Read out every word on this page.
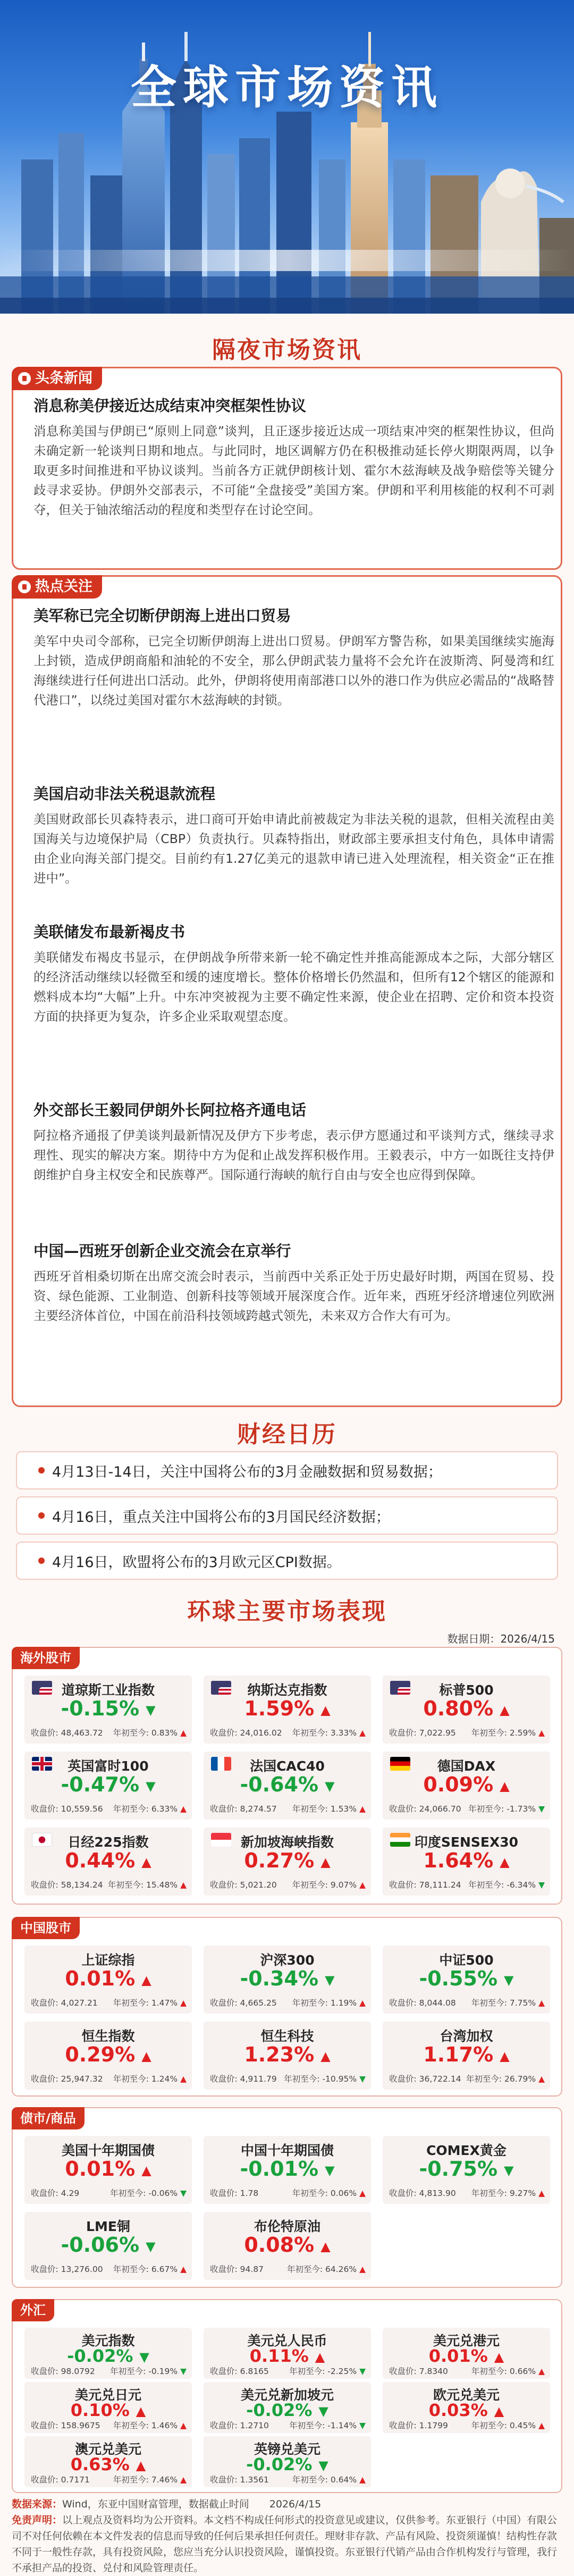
全球市场资讯
隔夜市场资讯
头条新闻
消息称美伊接近达成结束冲突框架性协议

消息称美国与伊朗已“原则上同意”谈判，且正逐步接近达成一项结束冲突的框架性协议，但尚未确定新一轮谈判日期和地点。与此同时，地区调解方仍在积极推动延长停火期限两周，以争取更多时间推进和平协议谈判。当前各方正就伊朗核计划、霍尔木兹海峡及战争赔偿等关键分歧寻求妥协。伊朗外交部表示，不可能“全盘接受”美国方案。伊朗和平利用核能的权利不可剥夺，但关于铀浓缩活动的程度和类型存在讨论空间。

热点关注
美军称已完全切断伊朗海上进出口贸易

美军中央司令部称，已完全切断伊朗海上进出口贸易。伊朗军方警告称，如果美国继续实施海上封锁，造成伊朗商船和油轮的不安全，那么伊朗武装力量将不会允许在波斯湾、阿曼湾和红海继续进行任何进出口活动。此外，伊朗将使用南部港口以外的港口作为供应必需品的“战略替代港口”，以绕过美国对霍尔木兹海峡的封锁。

美国启动非法关税退款流程

美国财政部长贝森特表示，进口商可开始申请此前被裁定为非法关税的退款，但相关流程由美国海关与边境保护局（CBP）负责执行。贝森特指出，财政部主要承担支付角色，具体申请需由企业向海关部门提交。目前约有1.27亿美元的退款申请已进入处理流程，相关资金“正在推进中”。

美联储发布最新褐皮书

美联储发布褐皮书显示，在伊朗战争所带来新一轮不确定性并推高能源成本之际，大部分辖区的经济活动继续以轻微至和缓的速度增长。整体价格增长仍然温和，但所有12个辖区的能源和燃料成本均“大幅”上升。中东冲突被视为主要不确定性来源，使企业在招聘、定价和资本投资方面的抉择更为复杂，许多企业采取观望态度。

外交部长王毅同伊朗外长阿拉格齐通电话

阿拉格齐通报了伊美谈判最新情况及伊方下步考虑，表示伊方愿通过和平谈判方式，继续寻求理性、现实的解决方案。期待中方为促和止战发挥积极作用。王毅表示，中方一如既往支持伊朗维护自身主权安全和民族尊严。国际通行海峡的航行自由与安全也应得到保障。

中国—西班牙创新企业交流会在京举行

西班牙首相桑切斯在出席交流会时表示，当前西中关系正处于历史最好时期，两国在贸易、投资、绿色能源、工业制造、创新科技等领域开展深度合作。近年来，西班牙经济增速位列欧洲主要经济体首位，中国在前沿科技领域跨越式领先，未来双方合作大有可为。

财经日历
4月13日-14日，关注中国将公布的3月金融数据和贸易数据；
4月16日，重点关注中国将公布的3月国民经济数据；
4月16日，欧盟将公布的3月欧元区CPI数据。
环球主要市场表现
数据日期：2026/4/15
海外股市
道琼斯工业指数
-0.15% ▼
收盘价: 48,463.72 年初至今: 0.83% ▲
纳斯达克指数
1.59% ▲
收盘价: 24,016.02 年初至今: 3.33% ▲
标普500
0.80% ▲
收盘价: 7,022.95 年初至今: 2.59% ▲
英国富时100
-0.47% ▼
收盘价: 10,559.56 年初至今: 6.33% ▲
法国CAC40
-0.64% ▼
收盘价: 8,274.57 年初至今: 1.53% ▲
德国DAX
0.09% ▲
收盘价: 24,066.70 年初至今: -1.73% ▼
日经225指数
0.44% ▲
收盘价: 58,134.24 年初至今: 15.48% ▲
新加坡海峡指数
0.27% ▲
收盘价: 5,021.20 年初至今: 9.07% ▲
印度SENSEX30
1.64% ▲
收盘价: 78,111.24 年初至今: -6.34% ▼
中国股市
上证综指
0.01% ▲
收盘价: 4,027.21 年初至今: 1.47% ▲
沪深300
-0.34% ▼
收盘价: 4,665.25 年初至今: 1.19% ▲
中证500
-0.55% ▼
收盘价: 8,044.08 年初至今: 7.75% ▲
恒生指数
0.29% ▲
收盘价: 25,947.32 年初至今: 1.24% ▲
恒生科技
1.23% ▲
收盘价: 4,911.79 年初至今: -10.95% ▼
台湾加权
1.17% ▲
收盘价: 36,722.14 年初至今: 26.79% ▲
债市/商品
美国十年期国债
0.01% ▲
收盘价: 4.29	年初至今: -0.06% ▼
中国十年期国债
-0.01% ▼
收盘价: 1.78	年初至今: 0.06% ▲
COMEX黄金
-0.75% ▼
收盘价: 4,813.90 年初至今: 9.27% ▲
LME铜
-0.06% ▼
收盘价: 13,276.00 年初至今: 6.67% ▲
布伦特原油
0.08% ▲
收盘价: 94.87	年初至今: 64.26% ▲
外汇
美元指数
-0.02% ▼
收盘价: 98.0792 年初至今: -0.19% ▼
美元兑人民币
0.11% ▲
收盘价: 6.8165 年初至今: -2.25% ▼
美元兑港元
0.01% ▲
收盘价: 7.8340	年初至今: 0.66% ▲
美元兑日元
0.10% ▲
收盘价: 158.9675 年初至今: 1.46% ▲
美元兑新加坡元
-0.02% ▼
收盘价: 1.2710 年初至今: -1.14% ▼
欧元兑美元
0.03% ▲
收盘价: 1.1799	年初至今: 0.45% ▲
澳元兑美元
0.63% ▲
收盘价: 0.7171	年初至今: 7.46% ▲
英镑兑美元
-0.02% ▼
收盘价: 1.3561	年初至今: 0.64% ▲
数据来源：Wind，东亚中国财富管理，数据截止时间　　2026/4/15
免责声明：以上观点及资料均为公开资料。本文档不构成任何形式的投资意见或建议，仅供参考。东亚银行（中国）有限公司不对任何依赖在本文件发表的信息而导致的任何后果承担任何责任。理财非存款、产品有风险、投资须谨慎！结构性存款不同于一般性存款，具有投资风险，您应当充分认识投资风险，谨慎投资。东亚银行代销产品由合作机构发行与管理，我行不承担产品的投资、兑付和风险管理责任。
